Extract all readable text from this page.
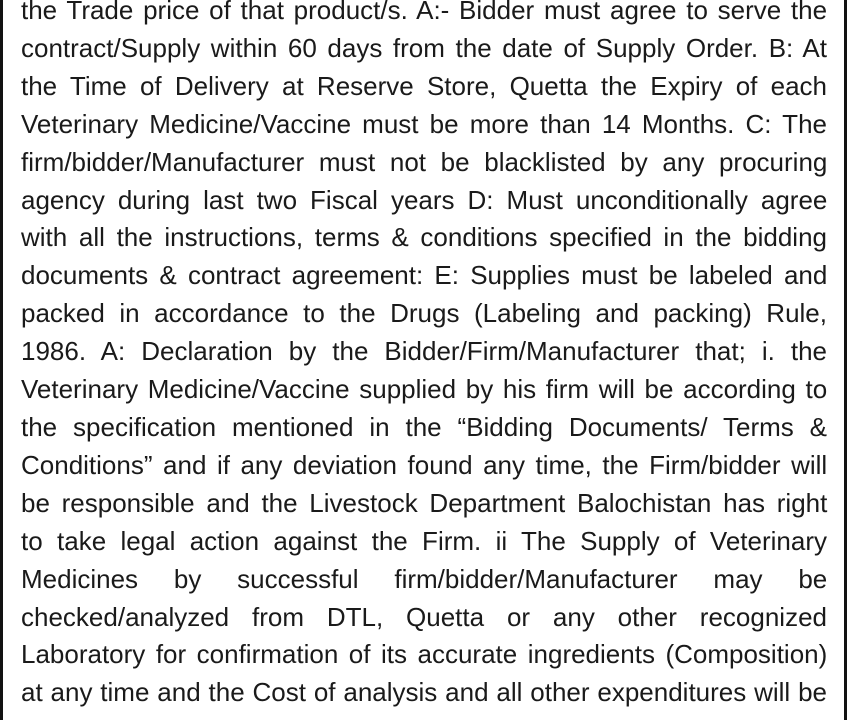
the Trade price of that product/s. A:- Bidder must agree to serve the
contract/Supply within 60 days from the date of Supply Order. B: At
the Time of Delivery at Reserve Store, Quetta the Expiry of each
Veterinary Medicine/Vaccine must be more than 14 Months. C: The
firm/bidder/Manufacturer must not be blacklisted by any procuring
agency during last two Fiscal years D: Must unconditionally agree
with all the instructions, terms & conditions specified in the bidding
documents & contract agreement: E: Supplies must be labeled and
packed in accordance to the Drugs (Labeling and packing) Rule,
1986. A: Declaration by the Bidder/Firm/Manufacturer that; i. the
Veterinary Medicine/Vaccine supplied by his firm will be according to
the specification mentioned in the “Bidding Documents/ Terms &
Conditions” and if any deviation found any time, the Firm/bidder will
be responsible and the Livestock Department Balochistan has right
to take legal action against the Firm. ii The Supply of Veterinary
Medicines by successful firm/bidder/Manufacturer may be
checked/analyzed from DTL, Quetta or any other recognized
Laboratory for confirmation of its accurate ingredients (Composition)
at any time and the Cost of analysis and all other expenditures will be
